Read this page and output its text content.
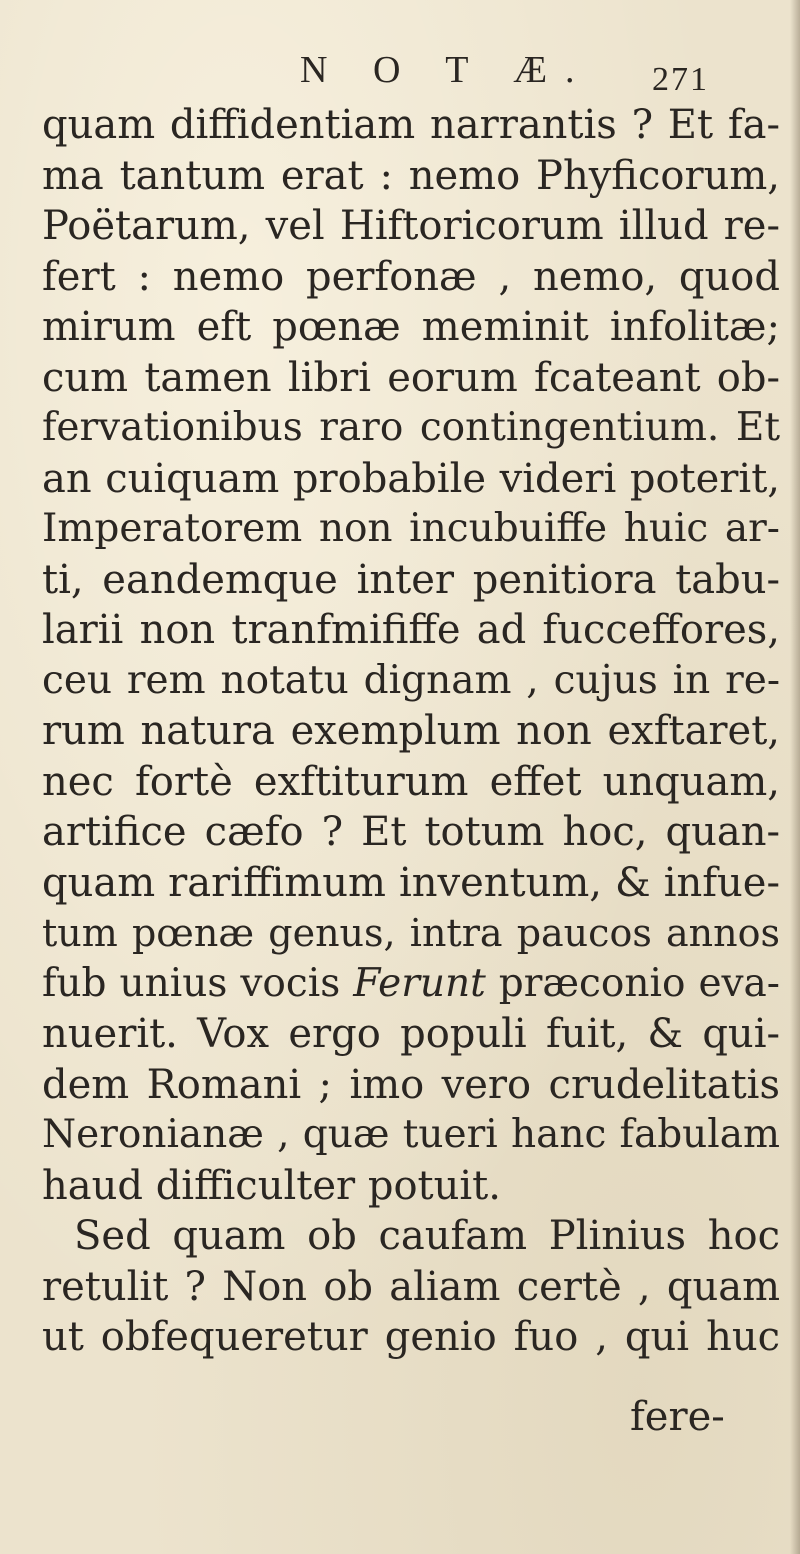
N O T Æ. 271
quam diffidentiam narrantis ? Et fa-
ma tantum erat : nemo Phyficorum,
Poëtarum, vel Hiftoricorum illud re-
fert : nemo perfonæ , nemo, quod
mirum eft pœnæ meminit infolitæ;
cum tamen libri eorum fcateant ob-
fervationibus raro contingentium. Et
an cuiquam probabile videri poterit,
Imperatorem non incubuiffe huic ar-
ti, eandemque inter penitiora tabu-
larii non tranfmififfe ad fucceffores,
ceu rem notatu dignam , cujus in re-
rum natura exemplum non exftaret,
nec fortè exftiturum effet unquam,
artifice cæfo ? Et totum hoc, quan-
quam rariffimum inventum, & infue-
tum pœnæ genus, intra paucos annos
fub unius vocis Ferunt præconio eva-
nuerit. Vox ergo populi fuit, & qui-
dem Romani ; imo vero crudelitatis
Neronianæ , quæ tueri hanc fabulam
haud difficulter potuit.
Sed quam ob caufam Plinius hoc
retulit ? Non ob aliam certè , quam
ut obfequeretur genio fuo , qui huc
fere-
